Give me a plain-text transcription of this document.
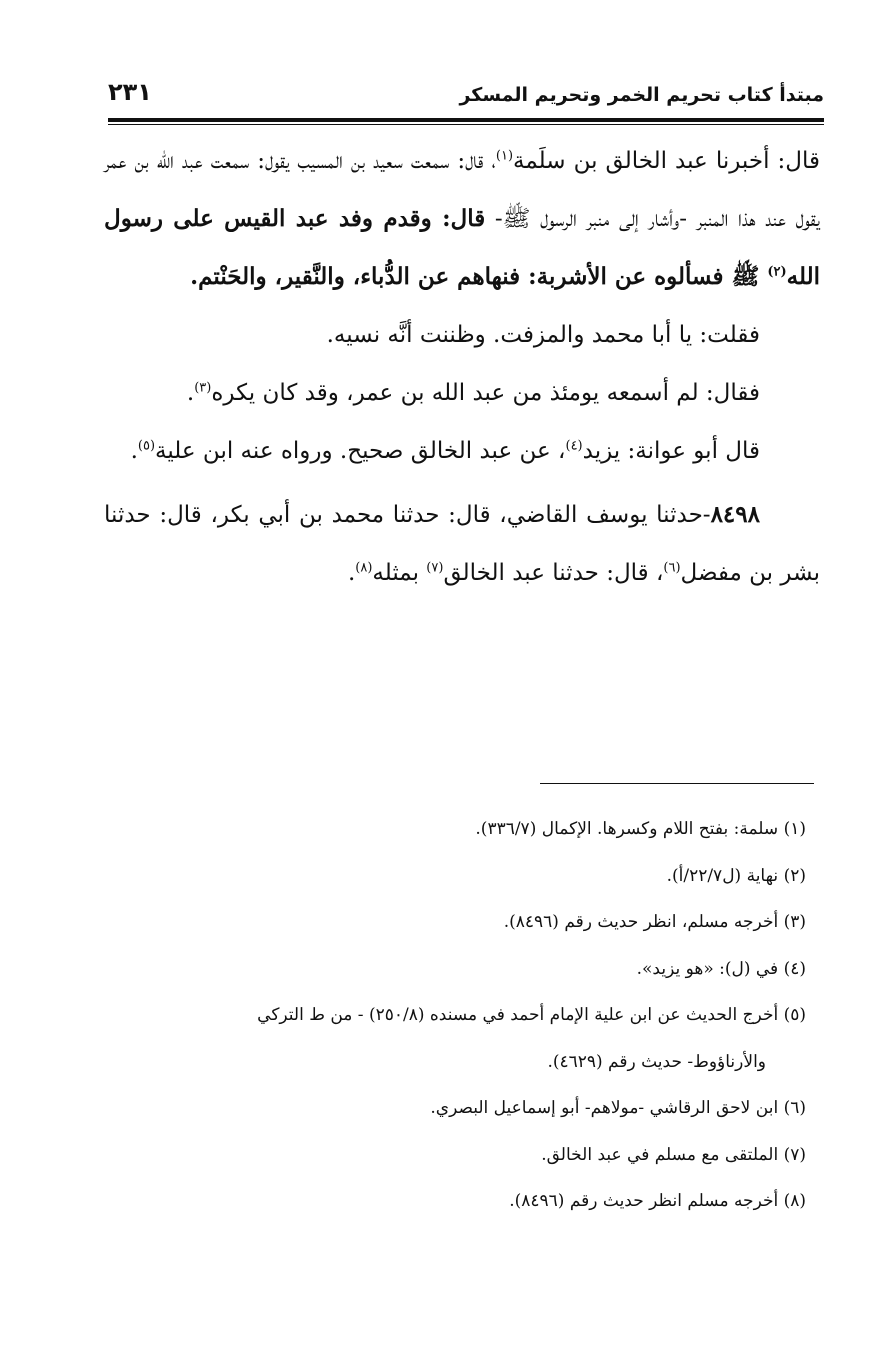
مبتدأ كتاب تحريم الخمر وتحريم المسكر
٢٣١

قال: أخبرنا عبد الخالق بن سلَمة$^{(١)}$، قال: سمعت سعيد بن المسيب يقول: سمعت عبد الله بن عمر يقول عند هذا المنبر -وأشار إلى منبر الرسول ﷺ- قال: وقدم وفد عبد القيس على رسول الله$^{(٢)}$ ﷺ فسألوه عن الأشربة: فنهاهم عن الدُّباء، والنَّقير، والحَنْتم.

فقلت: يا أبا محمد والمزفت. وظننت أنَّه نسيه.

فقال: لم أسمعه يومئذ من عبد الله بن عمر، وقد كان يكره$^{(٣)}$.

قال أبو عوانة: يزيد$^{(٤)}$، عن عبد الخالق صحيح. ورواه عنه ابن علية$^{(٥)}$.

٨٤٩٨-حدثنا يوسف القاضي، قال: حدثنا محمد بن أبي بكر، قال: حدثنا بشر بن مفضل$^{(٦)}$، قال: حدثنا عبد الخالق$^{(٧)}$ بمثله$^{(٨)}$.

(١) سلمة: بفتح اللام وكسرها. الإكمال (٣٣٦/٧).

(٢) نهاية (ل٢٢/٧/أ).

(٣) أخرجه مسلم، انظر حديث رقم (٨٤٩٦).

(٤) في (ل): «هو يزيد».

(٥) أخرج الحديث عن ابن علية الإمام أحمد في مسنده (٢٥٠/٨) - من ط التركي

والأرناؤوط- حديث رقم (٤٦٢٩).

(٦) ابن لاحق الرقاشي -مولاهم- أبو إسماعيل البصري.

(٧) الملتقى مع مسلم في عبد الخالق.

(٨) أخرجه مسلم انظر حديث رقم (٨٤٩٦).
